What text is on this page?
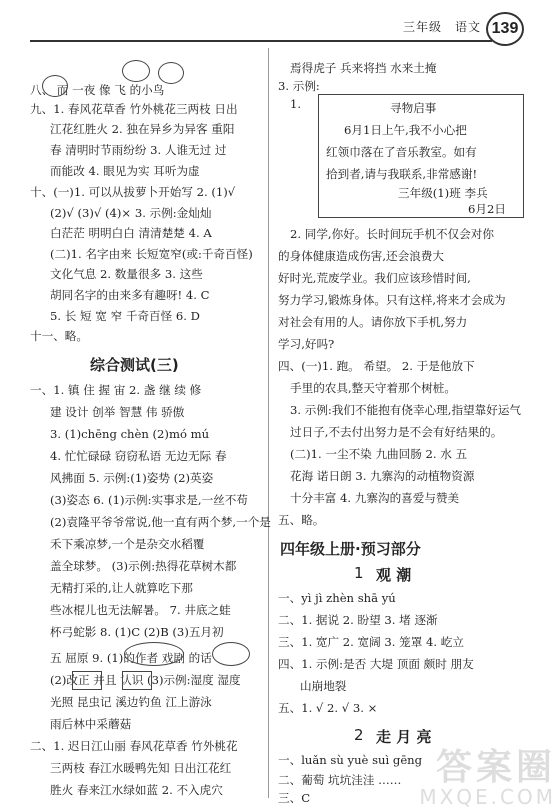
三年级 语文 139
八、 而 一夜 像 飞 的小鸟
九、1. 春风花草香 竹外桃花三两枝 日出
江花红胜火 2. 独在异乡为异客 重阳
春 清明时节雨纷纷 3. 人谁无过 过
而能改 4. 眼见为实 耳听为虚
十、(一)1. 可以从拔萝卜开始写 2. (1)√
(2)√ (3)√ (4)× 3. 示例:金灿灿
白茫茫 明明白白 清清楚楚 4. A
(二)1. 名字由来 长短宽窄(或:千奇百怪)
文化气息 2. 数量很多 3. 这些
胡同名字的由来多有趣呀! 4. C
5. 长 短 宽 窄 千奇百怪 6. D
十一、略。
综合测试(三)
一、1. 镇 住 握 宙 2. 盏 继 续 修
建 设计 创举 智慧 伟 骄傲
3. (1)chēng chèn (2)mó mú
4. 忙忙碌碌 窃窃私语 无边无际 春
风拂面 5. 示例:(1)姿势 (2)英姿
(3)姿态 6. (1)示例:实事求是,一丝不苟
(2)袁隆平爷爷常说,他一直有两个梦,一个是
禾下乘凉梦,一个是杂交水稻覆
盖全球梦。 (3)示例:热得花草树木都
无精打采的,让人就算吃下那
些冰棍儿也无法解暑。 7. 井底之蛙
杯弓蛇影 8. (1)C (2)B (3)五月初
五 屈原 9. (1)的作者 戏剧 的话
(2)改正 并且 认识 (3)示例:湿度 湿度
光照 昆虫记 溪边钓鱼 江上游泳
雨后林中采蘑菇
二、1. 迟日江山丽 春风花草香 竹外桃花
三两枝 春江水暖鸭先知 日出江花红
胜火 春来江水绿如蓝 2. 不入虎穴
焉得虎子 兵来将挡 水来土掩
3. 示例:
1.	寻物启事
6月1日上午,我不小心把
红领巾落在了音乐教室。如有
拾到者,请与我联系,非常感谢!
三年级(1)班 李兵
6月2日
2. 同学,你好。长时间玩手机不仅会对你
的身体健康造成伤害,还会浪费大
好时光,荒废学业。我们应该珍惜时间,
努力学习,锻炼身体。只有这样,将来才会成为
对社会有用的人。请你放下手机,努力
学习,好吗?
四、(一)1. 跑。 希望。 2. 于是他放下
手里的农具,整天守着那个树桩。
3. 示例:我们不能抱有侥幸心理,指望靠好运气
过日子,不去付出努力是不会有好结果的。
(二)1. 一尘不染 九曲回肠 2. 水 五
花海 诺日朗 3. 九寨沟的动植物资源
十分丰富 4. 九寨沟的喜爱与赞美
五、略。
四年级上册·预习部分
1 观 潮
一、yì jì zhèn shā yú
二、1. 据说 2. 盼望 3. 堵 逐渐
三、1. 宽广 2. 宽阔 3. 笼罩 4. 屹立
四、1. 示例:是否 大堤 顶面 颇时 朋友
山崩地裂
五、1. √ 2. √ 3. ×
2 走 月 亮
一、luǎn sù yuè suì gēng
二、葡萄 坑坑洼洼 ……
三、C
答案圈
MXQE.COM
